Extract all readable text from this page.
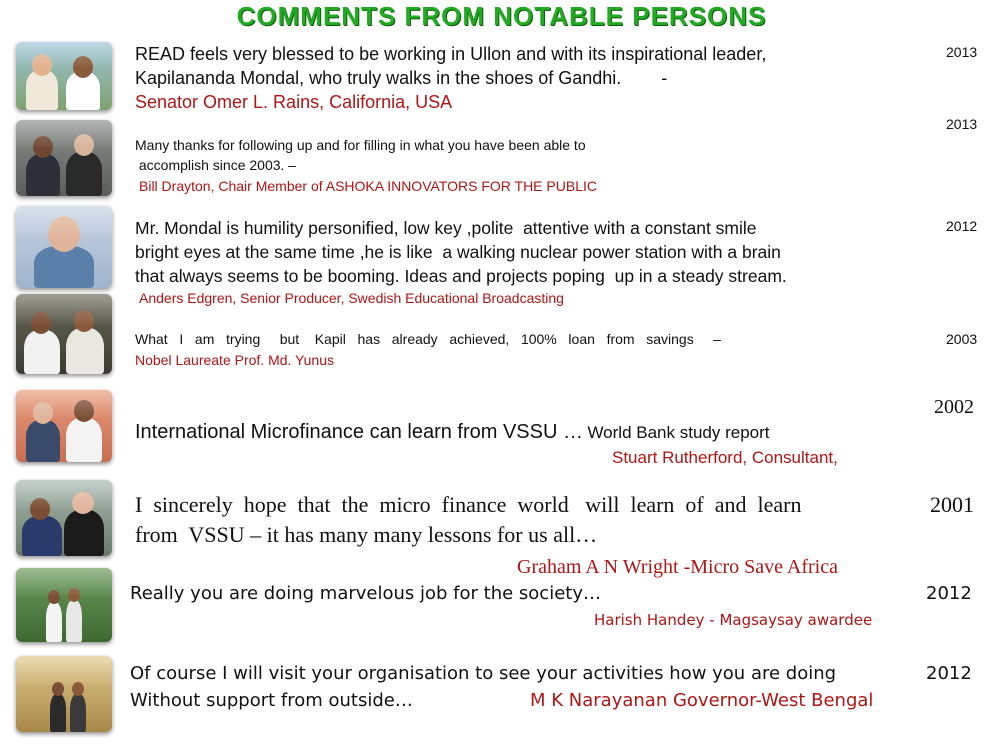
COMMENTS FROM NOTABLE PERSONS
READ feels very blessed to be working in Ullon and with its inspirational leader,
Kapilananda Mondal, who truly walks in the shoes of Gandhi.        -
Senator Omer L. Rains, California, USA
2013
2013
Many thanks for following up and for filling in what you have been able to
accomplish since 2003. –
Bill Drayton, Chair Member of ASHOKA INNOVATORS FOR THE PUBLIC
Mr. Mondal is humility personified, low key ,polite  attentive with a constant smile
bright eyes at the same time ,he is like  a walking nuclear power station with a brain
that always seems to be booming. Ideas and projects poping  up in a steady stream.
Anders Edgren, Senior Producer, Swedish Educational Broadcasting
2012
What   I   am   trying     but    Kapil   has   already   achieved,   100%   loan   from   savings     –
Nobel Laureate Prof. Md. Yunus
2003
2002
International Microfinance can learn from VSSU … World Bank study report
Stuart Rutherford, Consultant,
I  sincerely  hope  that  the  micro  finance  world   will  learn  of  and  learn
from  VSSU – it has many many lessons for us all…
Graham A N Wright -Micro Save Africa
2001
Really you are doing marvelous job for the society…
Harish Handey - Magsaysay awardee
2012
Of course I will visit your organisation to see your activities how you are doing
Without support from outside…	M K Narayanan Governor-West Bengal
2012
